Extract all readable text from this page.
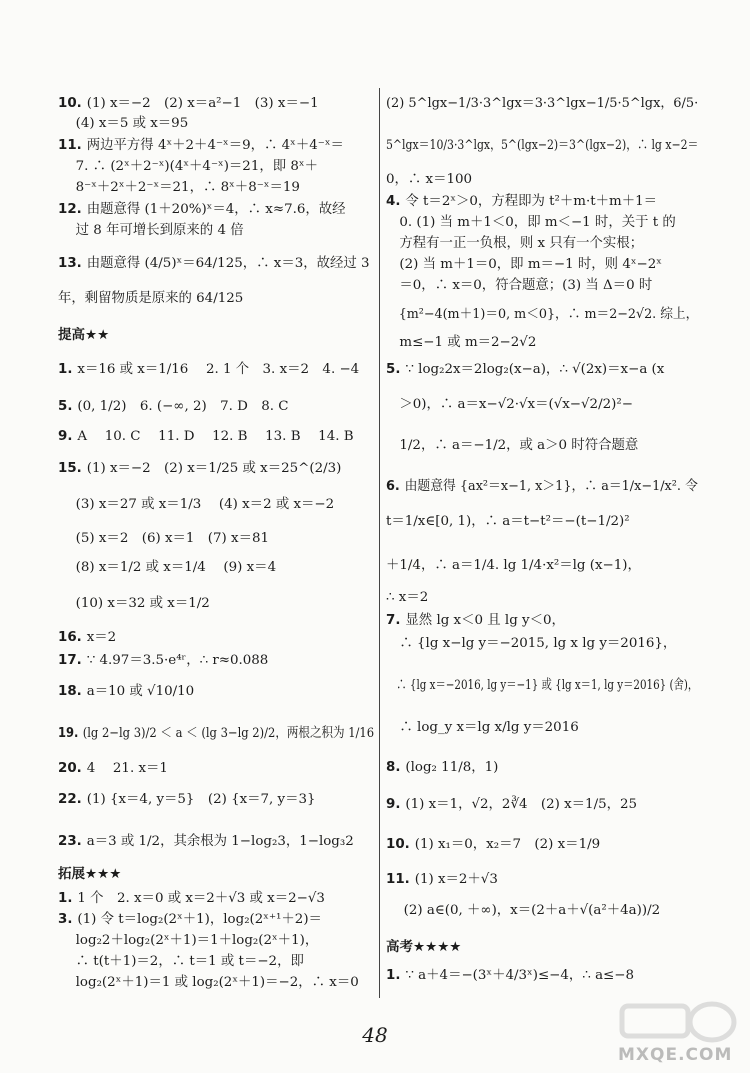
10. (1) x＝−2　(2) x＝a²−1　(3) x＝−1
　 (4) x＝5 或 x＝95
11. 两边平方得 4ˣ＋2＋4⁻ˣ＝9，∴ 4ˣ＋4⁻ˣ＝
　 7. ∴ (2ˣ＋2⁻ˣ)(4ˣ＋4⁻ˣ)＝21，即 8ˣ＋
　 8⁻ˣ＋2ˣ＋2⁻ˣ＝21，∴ 8ˣ＋8⁻ˣ＝19
12. 由题意得 (1＋20%)ˣ＝4，∴ x≈7.6，故经
　 过 8 年可增长到原来的 4 倍
13. 由题意得 (4/5)ˣ＝64/125，∴ x＝3，故经过 3
年，剩留物质是原来的 64/125
1. x＝16 或 x＝1/16　 2. 1 个　3. x＝2　4. −4
5. (0, 1/2)　6. (−∞, 2)　7. D　8. C
9. A　 10. C　 11. D　 12. B　 13. B　 14. B
15. (1) x＝−2　(2) x＝1/25 或 x＝25^(2/3)
　 (3) x＝27 或 x＝1/3　 (4) x＝2 或 x＝−2
　 (5) x＝2　(6) x＝1　(7) x＝81
　 (8) x＝1/2 或 x＝1/4　 (9) x＝4
　 (10) x＝32 或 x＝1/2
16. x＝2
17. ∵ 4.97＝3.5·e⁴ʳ，∴ r≈0.088
18. a＝10 或 √10/10
19. (lg 2−lg 3)/2 ＜ a ＜ (lg 3−lg 2)/2，两根之积为 1/16
20. 4　 21. x＝1
22. (1) {x＝4, y＝5}　(2) {x＝7, y＝3}
23. a＝3 或 1/2，其余根为 1−log₂3，1−log₃2
1. 1 个　2. x＝0 或 x＝2＋√3 或 x＝2−√3
3. (1) 令 t＝log₂(2ˣ＋1)，log₂(2ˣ⁺¹＋2)＝
　 log₂2＋log₂(2ˣ＋1)＝1＋log₂(2ˣ＋1)，
　 ∴ t(t＋1)＝2，∴ t＝1 或 t＝−2，即
　 log₂(2ˣ＋1)＝1 或 log₂(2ˣ＋1)＝−2，∴ x＝0
提高★★
拓展★★★
(2) 5^lgx−1/3·3^lgx＝3·3^lgx−1/5·5^lgx，6/5·
5^lgx＝10/3·3^lgx，5^(lgx−2)＝3^(lgx−2)，∴ lg x−2＝
0，∴ x＝100
4. 令 t＝2ˣ＞0，方程即为 t²＋m·t＋m＋1＝
　0. (1) 当 m＋1＜0，即 m＜−1 时，关于 t 的
　方程有一正一负根，则 x 只有一个实根；
　(2) 当 m＋1＝0，即 m＝−1 时，则 4ˣ−2ˣ
　＝0，∴ x＝0，符合题意；(3) 当 Δ＝0 时
　{m²−4(m＋1)＝0, m＜0}，∴ m＝2−2√2. 综上，
　m≤−1 或 m＝2−2√2
5. ∵ log₂2x＝2log₂(x−a)，∴ √(2x)＝x−a (x
　＞0)，∴ a＝x−√2·√x＝(√x−√2/2)²−
　1/2，∴ a＝−1/2，或 a＞0 时符合题意
6. 由题意得 {ax²＝x−1, x＞1}，∴ a＝1/x−1/x². 令
t＝1/x∈[0, 1)，∴ a＝t−t²＝−(t−1/2)²
＋1/4，∴ a＝1/4. lg 1/4·x²＝lg (x−1)，
∴ x＝2
7. 显然 lg x＜0 且 lg y＜0，
　∴ {lg x−lg y＝−2015, lg x lg y＝2016}，
　∴ {lg x＝−2016, lg y＝−1} 或 {lg x＝1, lg y＝2016} (舍)，
　∴ log_y x＝lg x/lg y＝2016
8. (log₂ 11/8，1)
9. (1) x＝1，√2，2∛4　(2) x＝1/5，25
10. (1) x₁＝0，x₂＝7　(2) x＝1/9
11. (1) x＝2＋√3
　 (2) a∈(0, ＋∞)，x＝(2＋a＋√(a²＋4a))/2
1. ∵ a＋4＝−(3ˣ＋4/3ˣ)≤−4，∴ a≤−8
高考★★★★
48
MXQE.COM
